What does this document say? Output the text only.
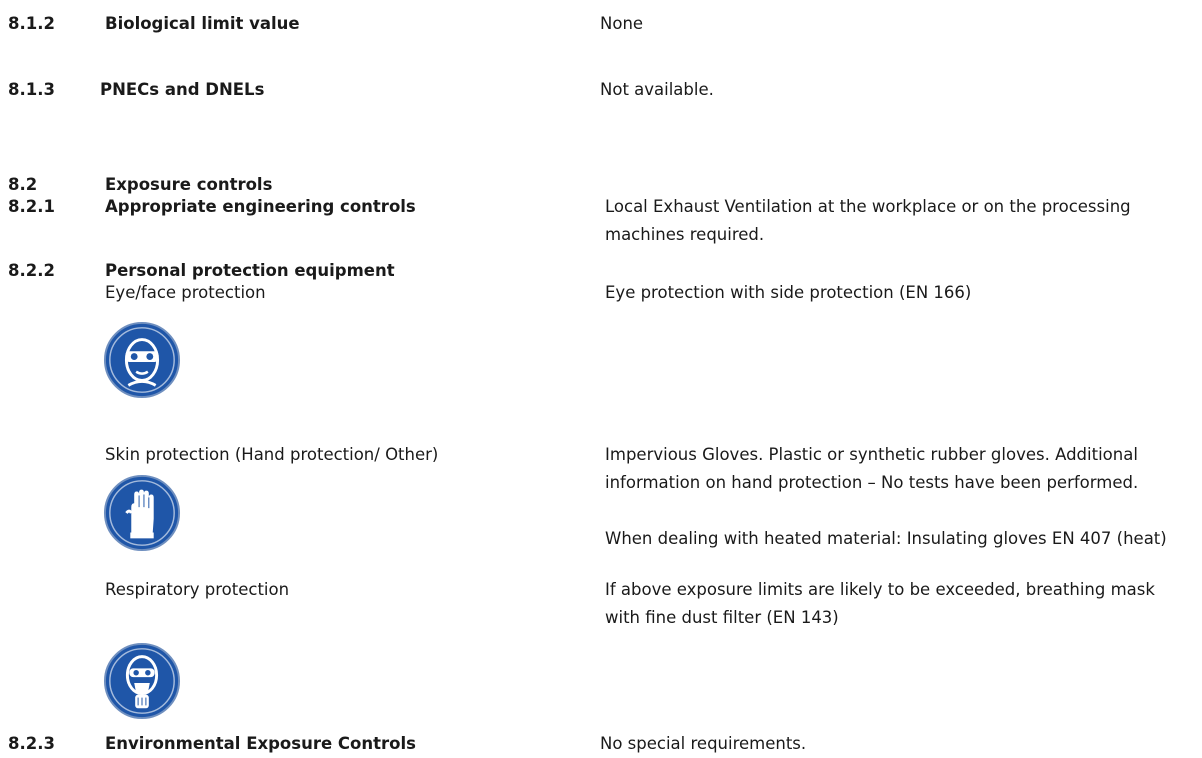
8.1.2	Biological limit value	None
8.1.3	PNECs and DNELs	Not available.
8.2	Exposure controls
8.2.1	Appropriate engineering controls	Local Exhaust Ventilation at the workplace or on the processing machines required.
8.2.2	Personal protection equipment
Eye/face protection	Eye protection with side protection (EN 166)
Skin protection (Hand protection/ Other)	Impervious Gloves. Plastic or synthetic rubber gloves. Additional information on hand protection – No tests have been performed.
When dealing with heated material: Insulating gloves EN 407 (heat)
Respiratory protection	If above exposure limits are likely to be exceeded, breathing mask with fine dust filter (EN 143)
8.2.3	Environmental Exposure Controls	No special requirements.
